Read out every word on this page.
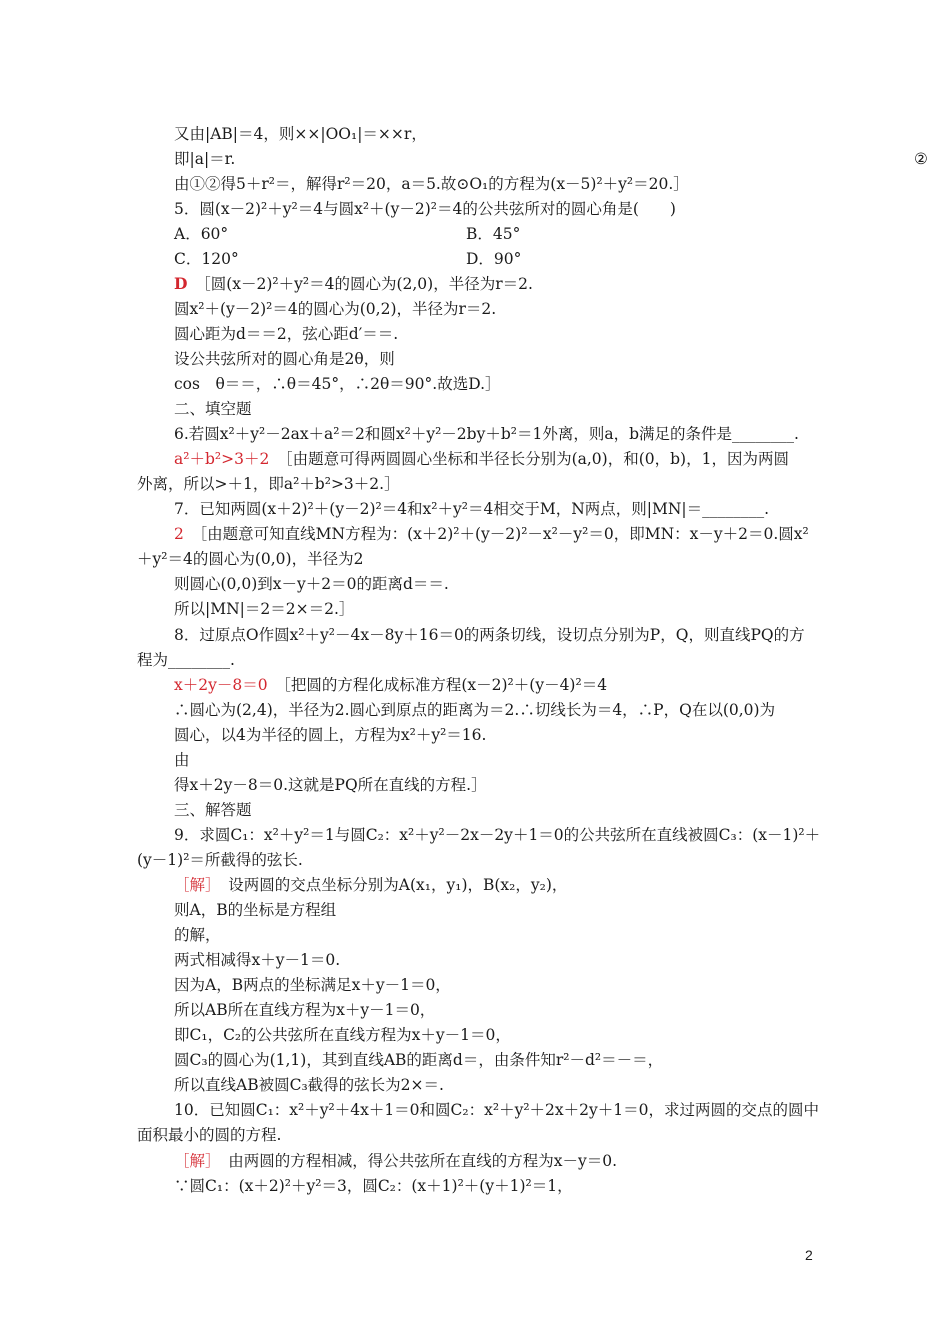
又由|AB|＝4，则××|OO₁|＝××r，
即|a|＝r.	②
由①②得5＋r²＝，解得r²＝20，a＝5.故⊙O₁的方程为(x－5)²＋y²＝20.］
5．圆(x－2)²＋y²＝4与圆x²＋(y－2)²＝4的公共弦所对的圆心角是(　　)
A．60°	B．45°
C．120°	D．90°
D　 ［圆(x－2)²＋y²＝4的圆心为(2,0)，半径为r＝2.
圆x²＋(y－2)²＝4的圆心为(0,2)，半径为r＝2.
圆心距为d＝＝2，弦心距d′＝＝.
设公共弦所对的圆心角是2θ，则
cos　θ＝＝，∴θ＝45°，∴2θ＝90°.故选D.］
二、填空题
6.若圆x²＋y²－2ax＋a²＝2和圆x²＋y²－2by＋b²＝1外离，则a，b满足的条件是________.
a²＋b²>3＋2　 ［由题意可得两圆圆心坐标和半径长分别为(a,0)，和(0，b)，1，因为两圆
外离，所以>＋1，即a²＋b²>3＋2.］
7．已知两圆(x＋2)²＋(y－2)²＝4和x²＋y²＝4相交于M，N两点，则|MN|＝________.
2　 ［由题意可知直线MN方程为：(x＋2)²＋(y－2)²－x²－y²＝0，即MN：x－y＋2＝0.圆x²
＋y²＝4的圆心为(0,0)，半径为2
则圆心(0,0)到x－y＋2＝0的距离d＝＝.
所以|MN|＝2＝2×＝2.］
8．过原点O作圆x²＋y²－4x－8y＋16＝0的两条切线，设切点分别为P，Q，则直线PQ的方
程为________.
x＋2y－8＝0　 ［把圆的方程化成标准方程(x－2)²＋(y－4)²＝4
∴圆心为(2,4)，半径为2.圆心到原点的距离为＝2.∴切线长为＝4，∴P，Q在以(0,0)为
圆心，以4为半径的圆上，方程为x²＋y²＝16.
由
得x＋2y－8＝0.这就是PQ所在直线的方程.］
三、解答题
9．求圆C₁：x²＋y²＝1与圆C₂：x²＋y²－2x－2y＋1＝0的公共弦所在直线被圆C₃：(x－1)²＋
(y－1)²＝所截得的弦长.
［解］　 设两圆的交点坐标分别为A(x₁，y₁)，B(x₂，y₂)，
则A，B的坐标是方程组
的解，
两式相减得x＋y－1＝0.
因为A，B两点的坐标满足x＋y－1＝0，
所以AB所在直线方程为x＋y－1＝0，
即C₁，C₂的公共弦所在直线方程为x＋y－1＝0，
圆C₃的圆心为(1,1)，其到直线AB的距离d＝，由条件知r²－d²＝－＝，
所以直线AB被圆C₃截得的弦长为2×＝.
10．已知圆C₁：x²＋y²＋4x＋1＝0和圆C₂：x²＋y²＋2x＋2y＋1＝0，求过两圆的交点的圆中
面积最小的圆的方程.
［解］　 由两圆的方程相减，得公共弦所在直线的方程为x－y＝0.
∵圆C₁：(x＋2)²＋y²＝3，圆C₂：(x＋1)²＋(y＋1)²＝1，
2
